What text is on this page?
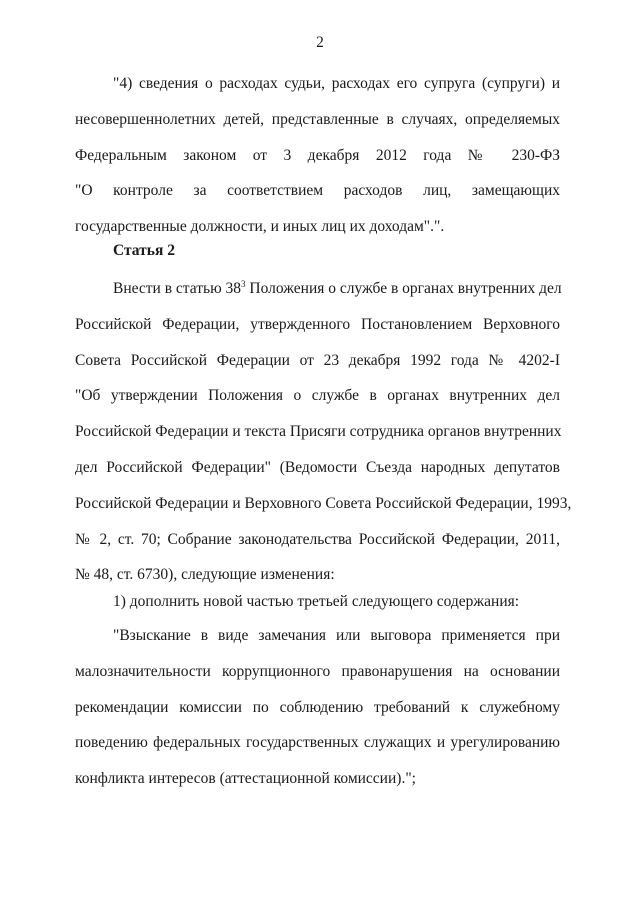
2
"4) сведения о расходах судьи, расходах его супруга (супруги) и
несовершеннолетних детей, представленные в случаях, определяемых
Федеральным законом от 3 декабря 2012 года № 230-ФЗ
"О контроле за соответствием расходов лиц, замещающих
государственные должности, и иных лиц их доходам".".
Статья 2
Внести в статью $38^3$ Положения о службе в органах внутренних дел
Российской Федерации, утвержденного Постановлением Верховного
Совета Российской Федерации от 23 декабря 1992 года № 4202-I
"Об утверждении Положения о службе в органах внутренних дел
Российской Федерации и текста Присяги сотрудника органов внутренних
дел Российской Федерации" (Ведомости Съезда народных депутатов
Российской Федерации и Верховного Совета Российской Федерации, 1993,
№ 2, ст. 70; Собрание законодательства Российской Федерации, 2011,
№ 48, ст. 6730), следующие изменения:
1) дополнить новой частью третьей следующего содержания:
"Взыскание в виде замечания или выговора применяется при
малозначительности коррупционного правонарушения на основании
рекомендации комиссии по соблюдению требований к служебному
поведению федеральных государственных служащих и урегулированию
конфликта интересов (аттестационной комиссии).";
